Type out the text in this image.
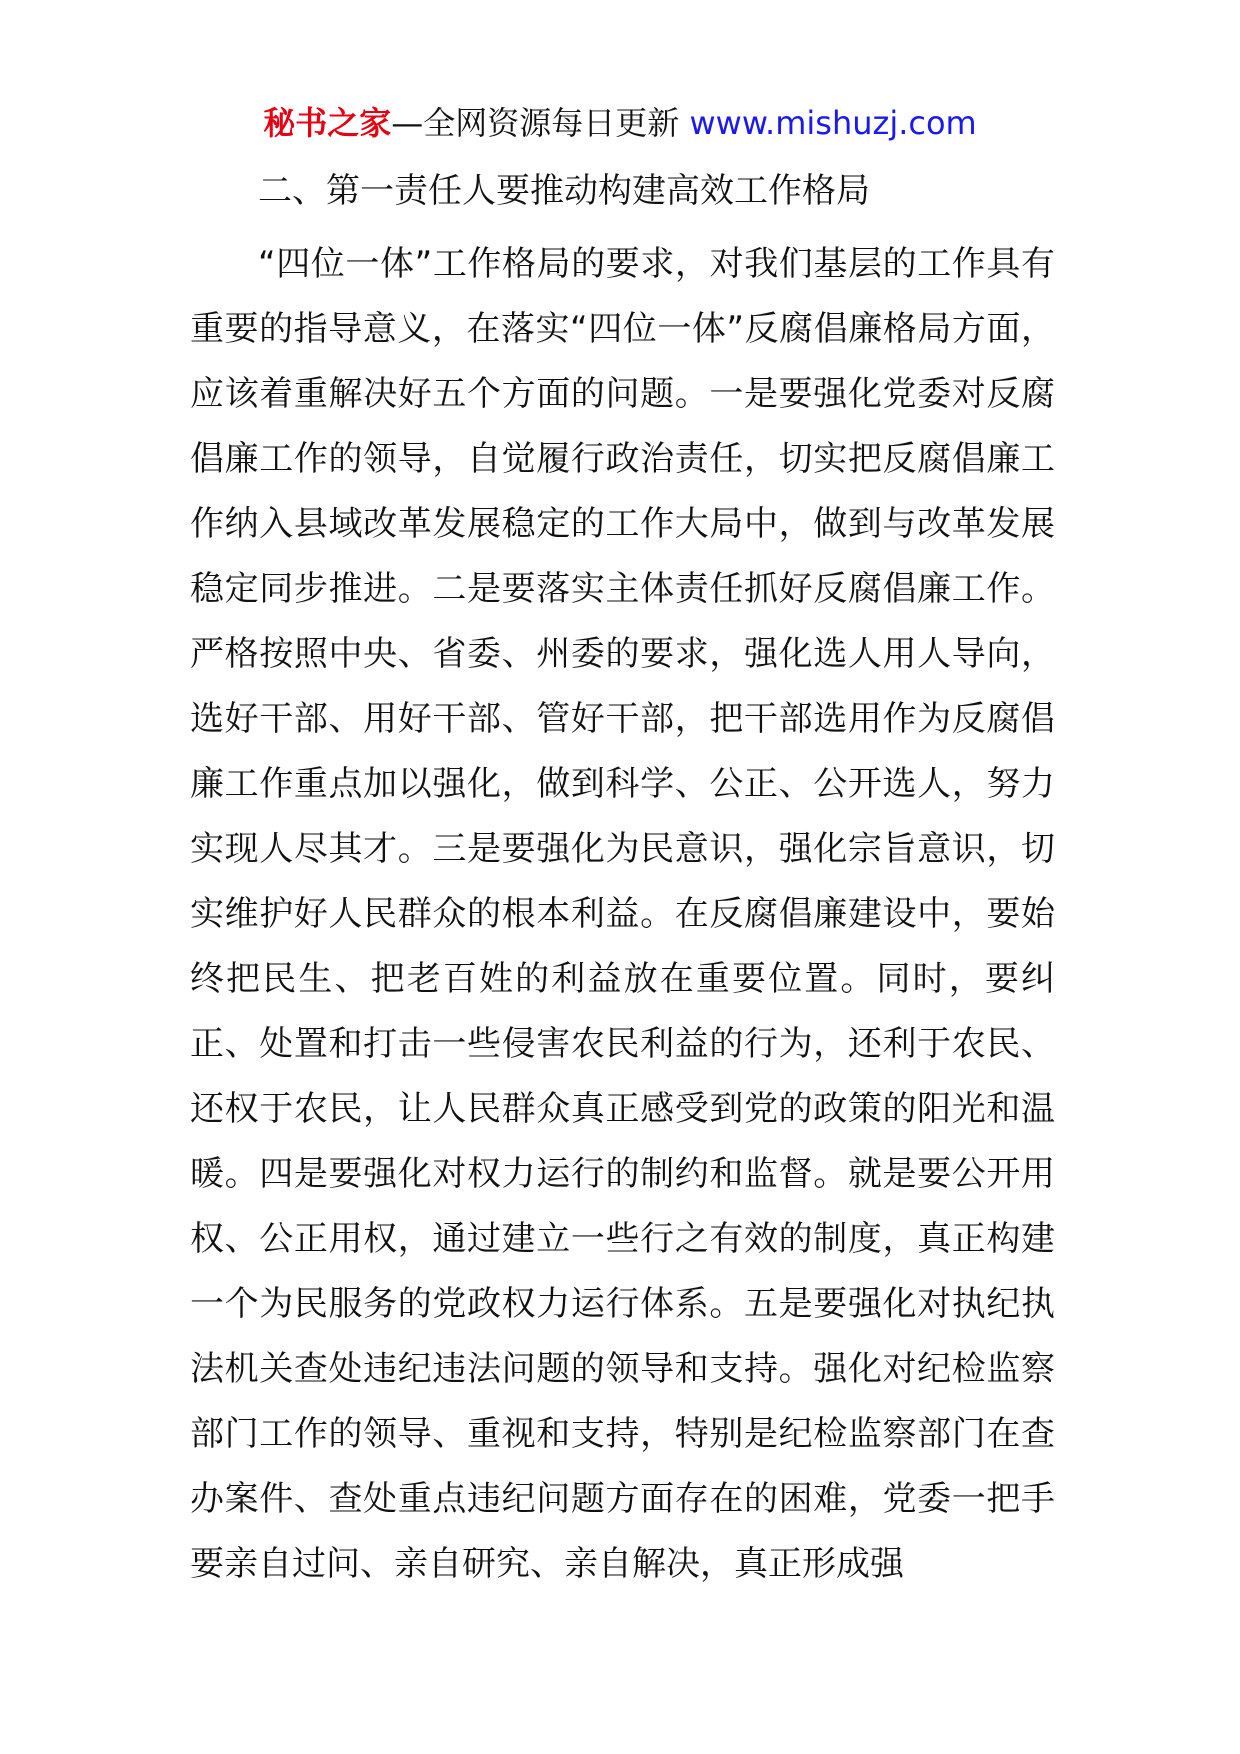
秘书之家—全网资源每日更新 www.mishuzj.com
二、第一责任人要推动构建高效工作格局

“四位一体”工作格局的要求，对我们基层的工作具有重要的指导意义，在落实“四位一体”反腐倡廉格局方面，应该着重解决好五个方面的问题。一是要强化党委对反腐倡廉工作的领导，自觉履行政治责任，切实把反腐倡廉工作纳入县域改革发展稳定的工作大局中，做到与改革发展稳定同步推进。二是要落实主体责任抓好反腐倡廉工作。严格按照中央、省委、州委的要求，强化选人用人导向，选好干部、用好干部、管好干部，把干部选用作为反腐倡廉工作重点加以强化，做到科学、公正、公开选人，努力实现人尽其才。三是要强化为民意识，强化宗旨意识，切实维护好人民群众的根本利益。在反腐倡廉建设中，要始终把民生、把老百姓的利益放在重要位置。同时，要纠正、处置和打击一些侵害农民利益的行为，还利于农民、还权于农民，让人民群众真正感受到党的政策的阳光和温暖。四是要强化对权力运行的制约和监督。就是要公开用权、公正用权，通过建立一些行之有效的制度，真正构建一个为民服务的党政权力运行体系。五是要强化对执纪执法机关查处违纪违法问题的领导和支持。强化对纪检监察部门工作的领导、重视和支持，特别是纪检监察部门在查办案件、查处重点违纪问题方面存在的困难，党委一把手要亲自过问、亲自研究、亲自解决，真正形成强
